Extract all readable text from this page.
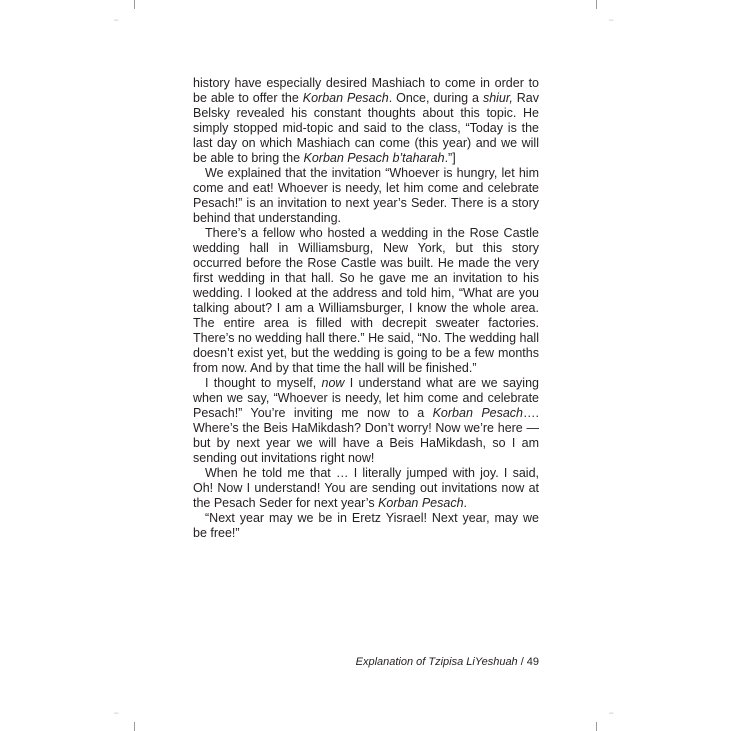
xxx	xxx
xxx	xxx

history have especially desired Mashiach to come in order to be able to offer the Korban Pesach. Once, during a shiur, Rav Belsky revealed his constant thoughts about this topic. He simply stopped mid-topic and said to the class, “Today is the last day on which Mashiach can come (this year) and we will be able to bring the Korban Pesach b’taharah.”]

We explained that the invitation “Whoever is hungry, let him come and eat! Whoever is needy, let him come and celebrate Pesach!” is an invitation to next year’s Seder. There is a story behind that understanding.

There’s a fellow who hosted a wedding in the Rose Castle wedding hall in Williamsburg, New York, but this story occurred before the Rose Castle was built. He made the very first wedding in that hall. So he gave me an invitation to his wedding. I looked at the address and told him, “What are you talking about? I am a Williamsburger, I know the whole area. The entire area is filled with decrepit sweater factories. There’s no wedding hall there.” He said, “No. The wedding hall doesn’t exist yet, but the wedding is going to be a few months from now. And by that time the hall will be finished.”

I thought to myself, now I understand what are we saying when we say, “Whoever is needy, let him come and celebrate Pesach!” You’re inviting me now to a Korban Pesach…. Where’s the Beis HaMikdash? Don’t worry! Now we’re here — but by next year we will have a Beis HaMikdash, so I am sending out invitations right now!

When he told me that … I literally jumped with joy. I said, Oh! Now I understand! You are sending out invitations now at the Pesach Seder for next year’s Korban Pesach.

“Next year may we be in Eretz Yisrael! Next year, may we be free!”

Explanation of Tzipisa LiYeshuah / 49
